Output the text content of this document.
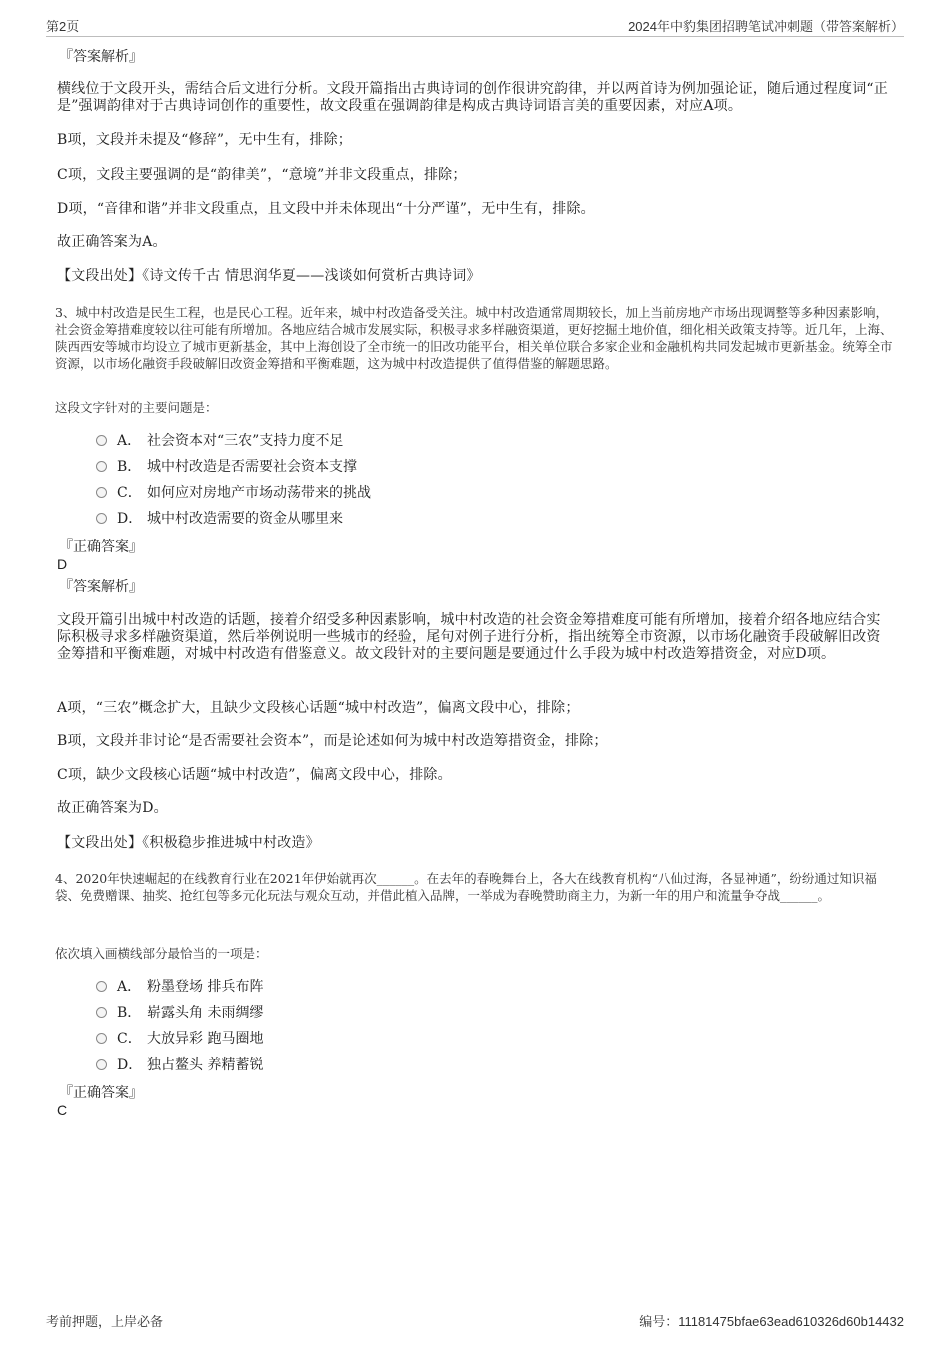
第2页	2024年中豹集团招聘笔试冲刺题（带答案解析）
『答案解析』
横线位于文段开头，需结合后文进行分析。文段开篇指出古典诗词的创作很讲究韵律，并以两首诗为例加强论证，随后通过程度词“正是”强调韵律对于古典诗词创作的重要性，故文段重在强调韵律是构成古典诗词语言美的重要因素，对应A项。
B项，文段并未提及“修辞”，无中生有，排除；
C项，文段主要强调的是“韵律美”，“意境”并非文段重点，排除；
D项，“音律和谐”并非文段重点，且文段中并未体现出“十分严谨”，无中生有，排除。
故正确答案为A。
【文段出处】《诗文传千古 情思润华夏——浅谈如何赏析古典诗词》
3、城中村改造是民生工程，也是民心工程。近年来，城中村改造备受关注。城中村改造通常周期较长，加上当前房地产市场出现调整等多种因素影响，社会资金筹措难度较以往可能有所增加。各地应结合城市发展实际，积极寻求多样融资渠道，更好挖掘土地价值，细化相关政策支持等。近几年，上海、陕西西安等城市均设立了城市更新基金，其中上海创设了全市统一的旧改功能平台，相关单位联合多家企业和金融机构共同发起城市更新基金。统筹全市资源，以市场化融资手段破解旧改资金筹措和平衡难题，这为城中村改造提供了值得借鉴的解题思路。
这段文字针对的主要问题是：
A． 社会资本对“三农”支持力度不足
B． 城中村改造是否需要社会资本支撑
C． 如何应对房地产市场动荡带来的挑战
D． 城中村改造需要的资金从哪里来
『正确答案』
D
『答案解析』
文段开篇引出城中村改造的话题，接着介绍受多种因素影响，城中村改造的社会资金筹措难度可能有所增加，接着介绍各地应结合实际积极寻求多样融资渠道，然后举例说明一些城市的经验，尾句对例子进行分析，指出统筹全市资源，以市场化融资手段破解旧改资金筹措和平衡难题，对城中村改造有借鉴意义。故文段针对的主要问题是要通过什么手段为城中村改造筹措资金，对应D项。
A项，“三农”概念扩大，且缺少文段核心话题“城中村改造”，偏离文段中心，排除；
B项，文段并非讨论“是否需要社会资本”，而是论述如何为城中村改造筹措资金，排除；
C项，缺少文段核心话题“城中村改造”，偏离文段中心，排除。
故正确答案为D。
【文段出处】《积极稳步推进城中村改造》
4、2020年快速崛起的在线教育行业在2021年伊始就再次______。在去年的春晚舞台上，各大在线教育机构“八仙过海，各显神通”，纷纷通过知识福袋、免费赠课、抽奖、抢红包等多元化玩法与观众互动，并借此植入品牌，一举成为春晚赞助商主力，为新一年的用户和流量争夺战______。
依次填入画横线部分最恰当的一项是：
A． 粉墨登场 排兵布阵
B． 崭露头角 未雨绸缪
C． 大放异彩 跑马圈地
D． 独占鳌头 养精蓄锐
『正确答案』
C
考前押题，上岸必备	编号：11181475bfae63ead610326d60b14432
